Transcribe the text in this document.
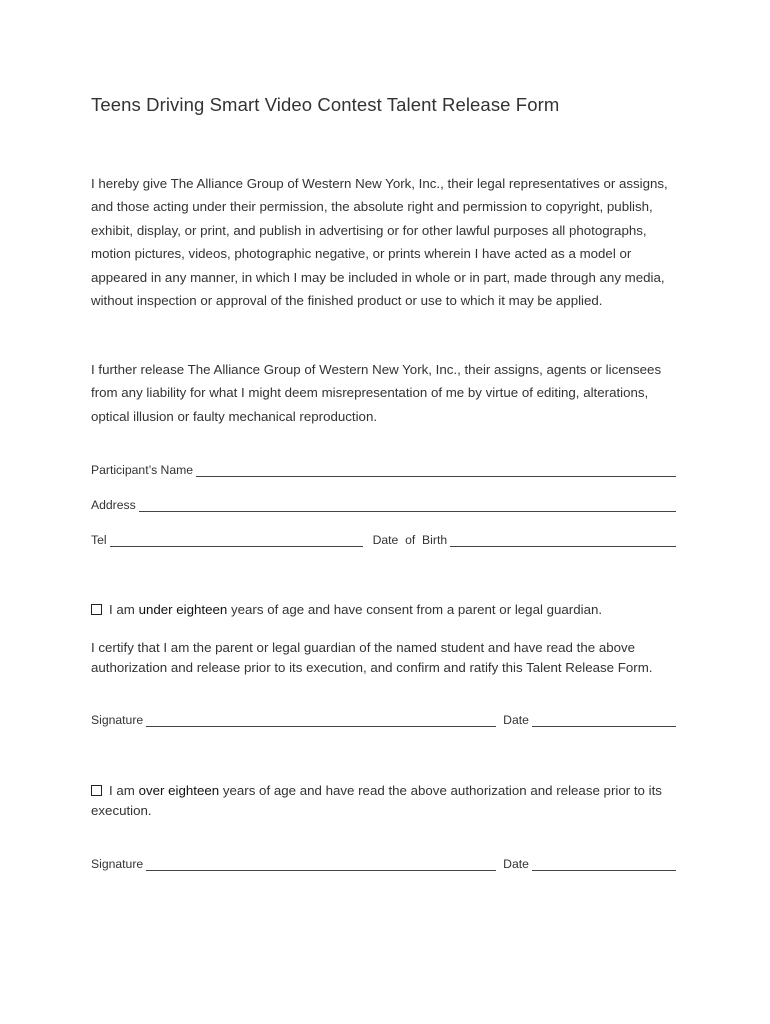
Teens Driving Smart Video Contest Talent Release Form

I hereby give The Alliance Group of Western New York, Inc., their legal representatives or assigns, and those acting under their permission, the absolute right and permission to copyright, publish, exhibit, display, or print, and publish in advertising or for other lawful purposes all photographs, motion pictures, videos, photographic negative, or prints wherein I have acted as a model or appeared in any manner, in which I may be included in whole or in part, made through any media, without inspection or approval of the finished product or use to which it may be applied.

I further release The Alliance Group of Western New York, Inc., their assigns, agents or licensees from any liability for what I might deem misrepresentation of me by virtue of editing, alterations, optical illusion or faulty mechanical reproduction.

Participant’s Name
Address
Tel	Date  of  Birth
I am under eighteen years of age and have consent from a parent or legal guardian.

I certify that I am the parent or legal guardian of the named student and have read the above authorization and release prior to its execution, and confirm and ratify this Talent Release Form.

Signature	Date
I am over eighteen years of age and have read the above authorization and release prior to its execution.
Signature	Date
